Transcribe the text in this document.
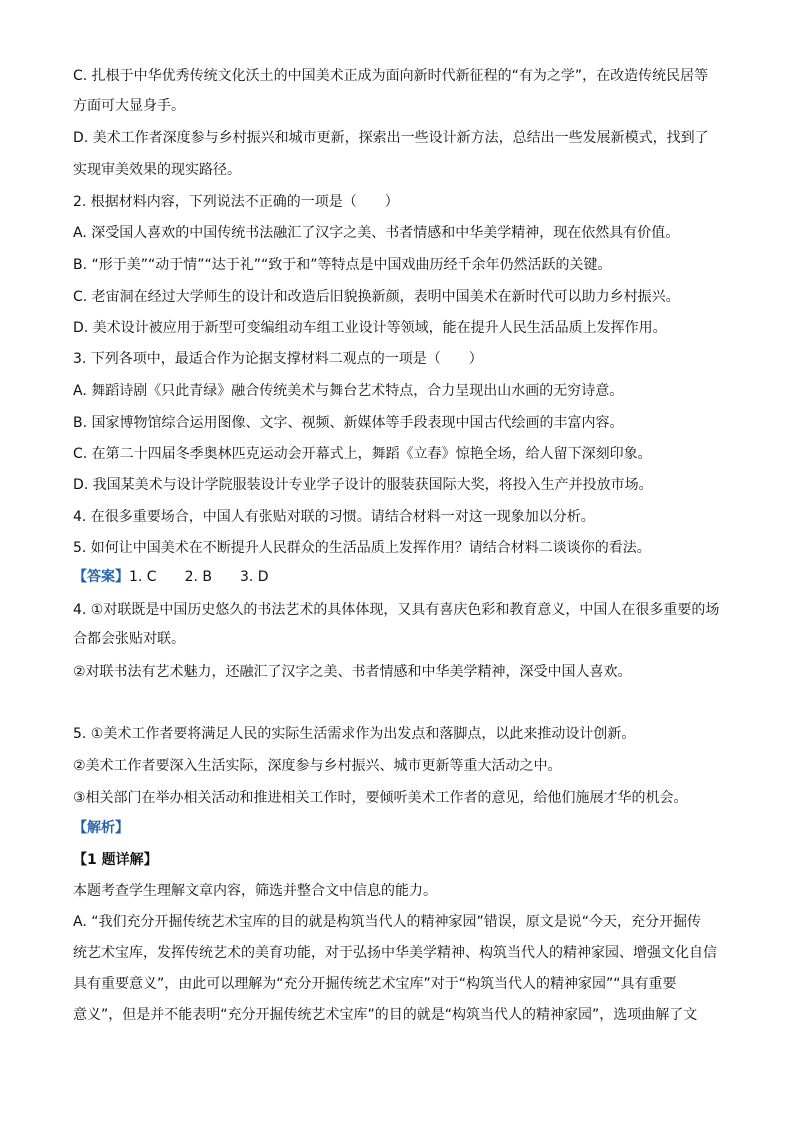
C. 扎根于中华优秀传统文化沃土的中国美术正成为面向新时代新征程的“有为之学”，在改造传统民居等
方面可大显身手。
D. 美术工作者深度参与乡村振兴和城市更新，探索出一些设计新方法，总结出一些发展新模式，找到了
实现审美效果的现实路径。
2. 根据材料内容，下列说法不正确的一项是（　　）
A. 深受国人喜欢的中国传统书法融汇了汉字之美、书者情感和中华美学精神，现在依然具有价值。
B. “形于美”“动于情”“达于礼”“致于和”等特点是中国戏曲历经千余年仍然活跃的关键。
C. 老宙洞在经过大学师生的设计和改造后旧貌换新颜，表明中国美术在新时代可以助力乡村振兴。
D. 美术设计被应用于新型可变编组动车组工业设计等领域，能在提升人民生活品质上发挥作用。
3. 下列各项中，最适合作为论据支撑材料二观点的一项是（　　）
A. 舞蹈诗剧《只此青绿》融合传统美术与舞台艺术特点，合力呈现出山水画的无穷诗意。
B. 国家博物馆综合运用图像、文字、视频、新媒体等手段表现中国古代绘画的丰富内容。
C. 在第二十四届冬季奥林匹克运动会开幕式上，舞蹈《立春》惊艳全场，给人留下深刻印象。
D. 我国某美术与设计学院服装设计专业学子设计的服装获国际大奖，将投入生产并投放市场。
4. 在很多重要场合，中国人有张贴对联的习惯。请结合材料一对这一现象加以分析。
5. 如何让中国美术在不断提升人民群众的生活品质上发挥作用？请结合材料二谈谈你的看法。
【答案】1. C　　2. B　　3. D
4. ①对联既是中国历史悠久的书法艺术的具体体现，又具有喜庆色彩和教育意义，中国人在很多重要的场
合都会张贴对联。
②对联书法有艺术魅力，还融汇了汉字之美、书者情感和中华美学精神，深受中国人喜欢。
5. ①美术工作者要将满足人民的实际生活需求作为出发点和落脚点，以此来推动设计创新。
②美术工作者要深入生活实际，深度参与乡村振兴、城市更新等重大活动之中。
③相关部门在举办相关活动和推进相关工作时，要倾听美术工作者的意见，给他们施展才华的机会。
【解析】
【1 题详解】
本题考查学生理解文章内容，筛选并整合文中信息的能力。
A. “我们充分开掘传统艺术宝库的目的就是构筑当代人的精神家园”错误，原文是说“今天，充分开掘传
统艺术宝库，发挥传统艺术的美育功能，对于弘扬中华美学精神、构筑当代人的精神家园、增强文化自信
具有重要意义”，由此可以理解为“充分开掘传统艺术宝库”对于“构筑当代人的精神家园”“具有重要
意义”，但是并不能表明“充分开掘传统艺术宝库”的目的就是“构筑当代人的精神家园”，选项曲解了文
